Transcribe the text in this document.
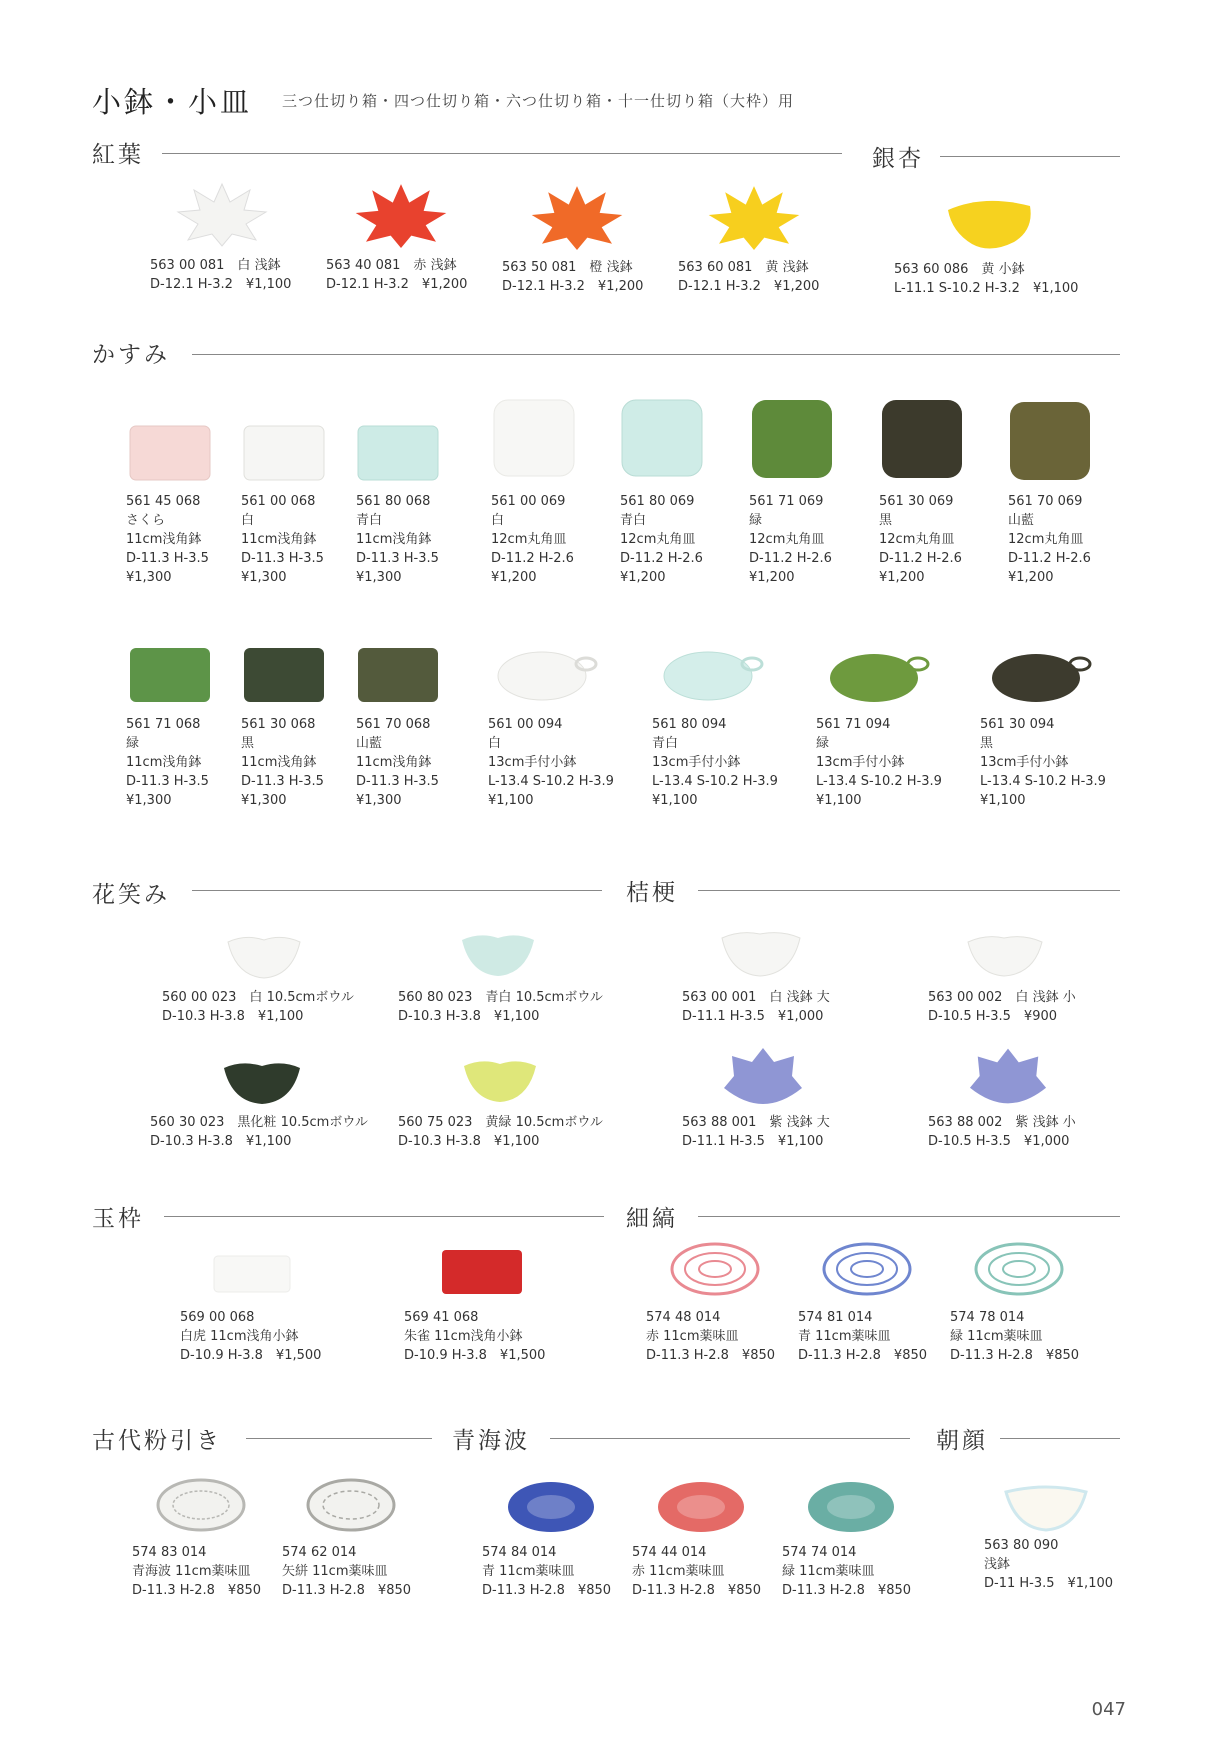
小鉢・小皿 三つ仕切り箱・四つ仕切り箱・六つ仕切り箱・十一仕切り箱（大枠）用
紅葉	銀杏
かすみ
花笑み	桔梗
玉枠	細縞
古代粉引き	青海波	朝顔
563 00 081　白 浅鉢
D-12.1 H-3.2　¥1,100
563 40 081　赤 浅鉢
D-12.1 H-3.2　¥1,200
563 50 081　橙 浅鉢
D-12.1 H-3.2　¥1,200
563 60 081　黄 浅鉢
D-12.1 H-3.2　¥1,200
563 60 086　黄 小鉢
L-11.1 S-10.2 H-3.2　¥1,100
561 45 068
さくら
11cm浅角鉢
D-11.3 H-3.5
¥1,300
561 00 068
白
11cm浅角鉢
D-11.3 H-3.5
¥1,300
561 80 068
青白
11cm浅角鉢
D-11.3 H-3.5
¥1,300
561 00 069
白
12cm丸角皿
D-11.2 H-2.6
¥1,200
561 80 069
青白
12cm丸角皿
D-11.2 H-2.6
¥1,200
561 71 069
緑
12cm丸角皿
D-11.2 H-2.6
¥1,200
561 30 069
黒
12cm丸角皿
D-11.2 H-2.6
¥1,200
561 70 069
山藍
12cm丸角皿
D-11.2 H-2.6
¥1,200
561 71 068
緑
11cm浅角鉢
D-11.3 H-3.5
¥1,300
561 30 068
黒
11cm浅角鉢
D-11.3 H-3.5
¥1,300
561 70 068
山藍
11cm浅角鉢
D-11.3 H-3.5
¥1,300
561 00 094
白
13cm手付小鉢
L-13.4 S-10.2 H-3.9
¥1,100
561 80 094
青白
13cm手付小鉢
L-13.4 S-10.2 H-3.9
¥1,100
561 71 094
緑
13cm手付小鉢
L-13.4 S-10.2 H-3.9
¥1,100
561 30 094
黒
13cm手付小鉢
L-13.4 S-10.2 H-3.9
¥1,100
560 00 023　白 10.5cmボウル
D-10.3 H-3.8　¥1,100
560 80 023　青白 10.5cmボウル
D-10.3 H-3.8　¥1,100
560 30 023　黒化粧 10.5cmボウル
D-10.3 H-3.8　¥1,100
560 75 023　黄緑 10.5cmボウル
D-10.3 H-3.8　¥1,100
563 00 001　白 浅鉢 大
D-11.1 H-3.5　¥1,000
563 00 002　白 浅鉢 小
D-10.5 H-3.5　¥900
563 88 001　紫 浅鉢 大
D-11.1 H-3.5　¥1,100
563 88 002　紫 浅鉢 小
D-10.5 H-3.5　¥1,000
569 00 068
白虎 11cm浅角小鉢
D-10.9 H-3.8　¥1,500
569 41 068
朱雀 11cm浅角小鉢
D-10.9 H-3.8　¥1,500
574 48 014
赤 11cm薬味皿
D-11.3 H-2.8　¥850
574 81 014
青 11cm薬味皿
D-11.3 H-2.8　¥850
574 78 014
緑 11cm薬味皿
D-11.3 H-2.8　¥850
574 83 014
青海波 11cm薬味皿
D-11.3 H-2.8　¥850
574 62 014
矢絣 11cm薬味皿
D-11.3 H-2.8　¥850
574 84 014
青 11cm薬味皿
D-11.3 H-2.8　¥850
574 44 014
赤 11cm薬味皿
D-11.3 H-2.8　¥850
574 74 014
緑 11cm薬味皿
D-11.3 H-2.8　¥850
563 80 090
浅鉢
D-11 H-3.5　¥1,100
047
